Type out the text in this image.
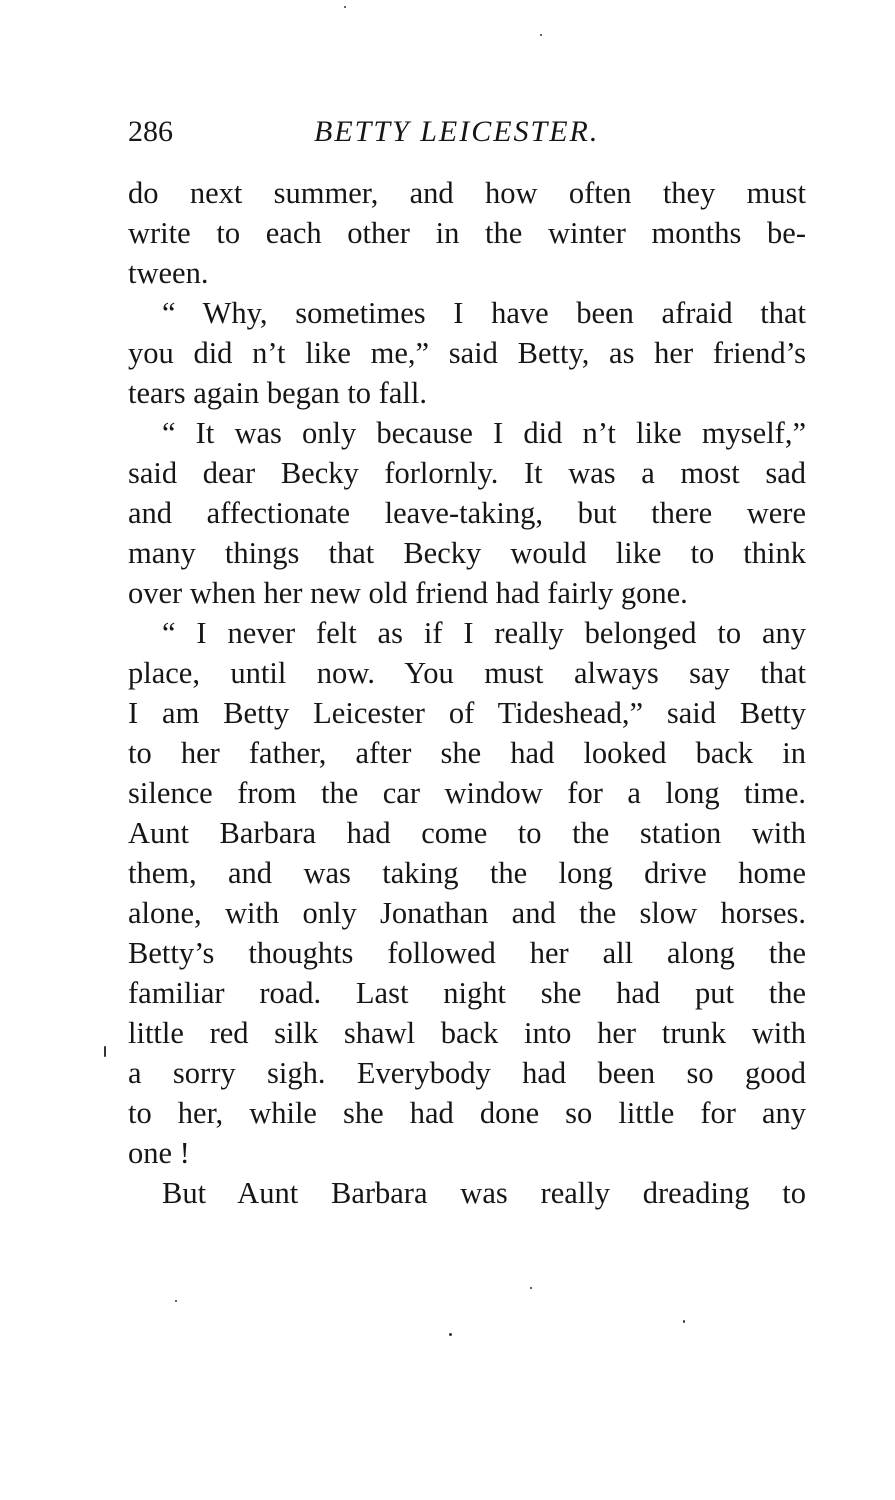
286	BETTY LEICESTER.
do next summer, and how often they must
write to each other in the winter months be-
tween.
“ Why, sometimes I have been afraid that
you did n’t like me,” said Betty, as her friend’s
tears again began to fall.
“ It was only because I did n’t like myself,”
said dear Becky forlornly. It was a most sad
and affectionate leave-taking, but there were
many things that Becky would like to think
over when her new old friend had fairly gone.
“ I never felt as if I really belonged to any
place, until now. You must always say that
I am Betty Leicester of Tideshead,” said Betty
to her father, after she had looked back in
silence from the car window for a long time.
Aunt Barbara had come to the station with
them, and was taking the long drive home
alone, with only Jonathan and the slow horses.
Betty’s thoughts followed her all along the
familiar road. Last night she had put the
little red silk shawl back into her trunk with
a sorry sigh. Everybody had been so good
to her, while she had done so little for any
one !
But Aunt Barbara was really dreading to
